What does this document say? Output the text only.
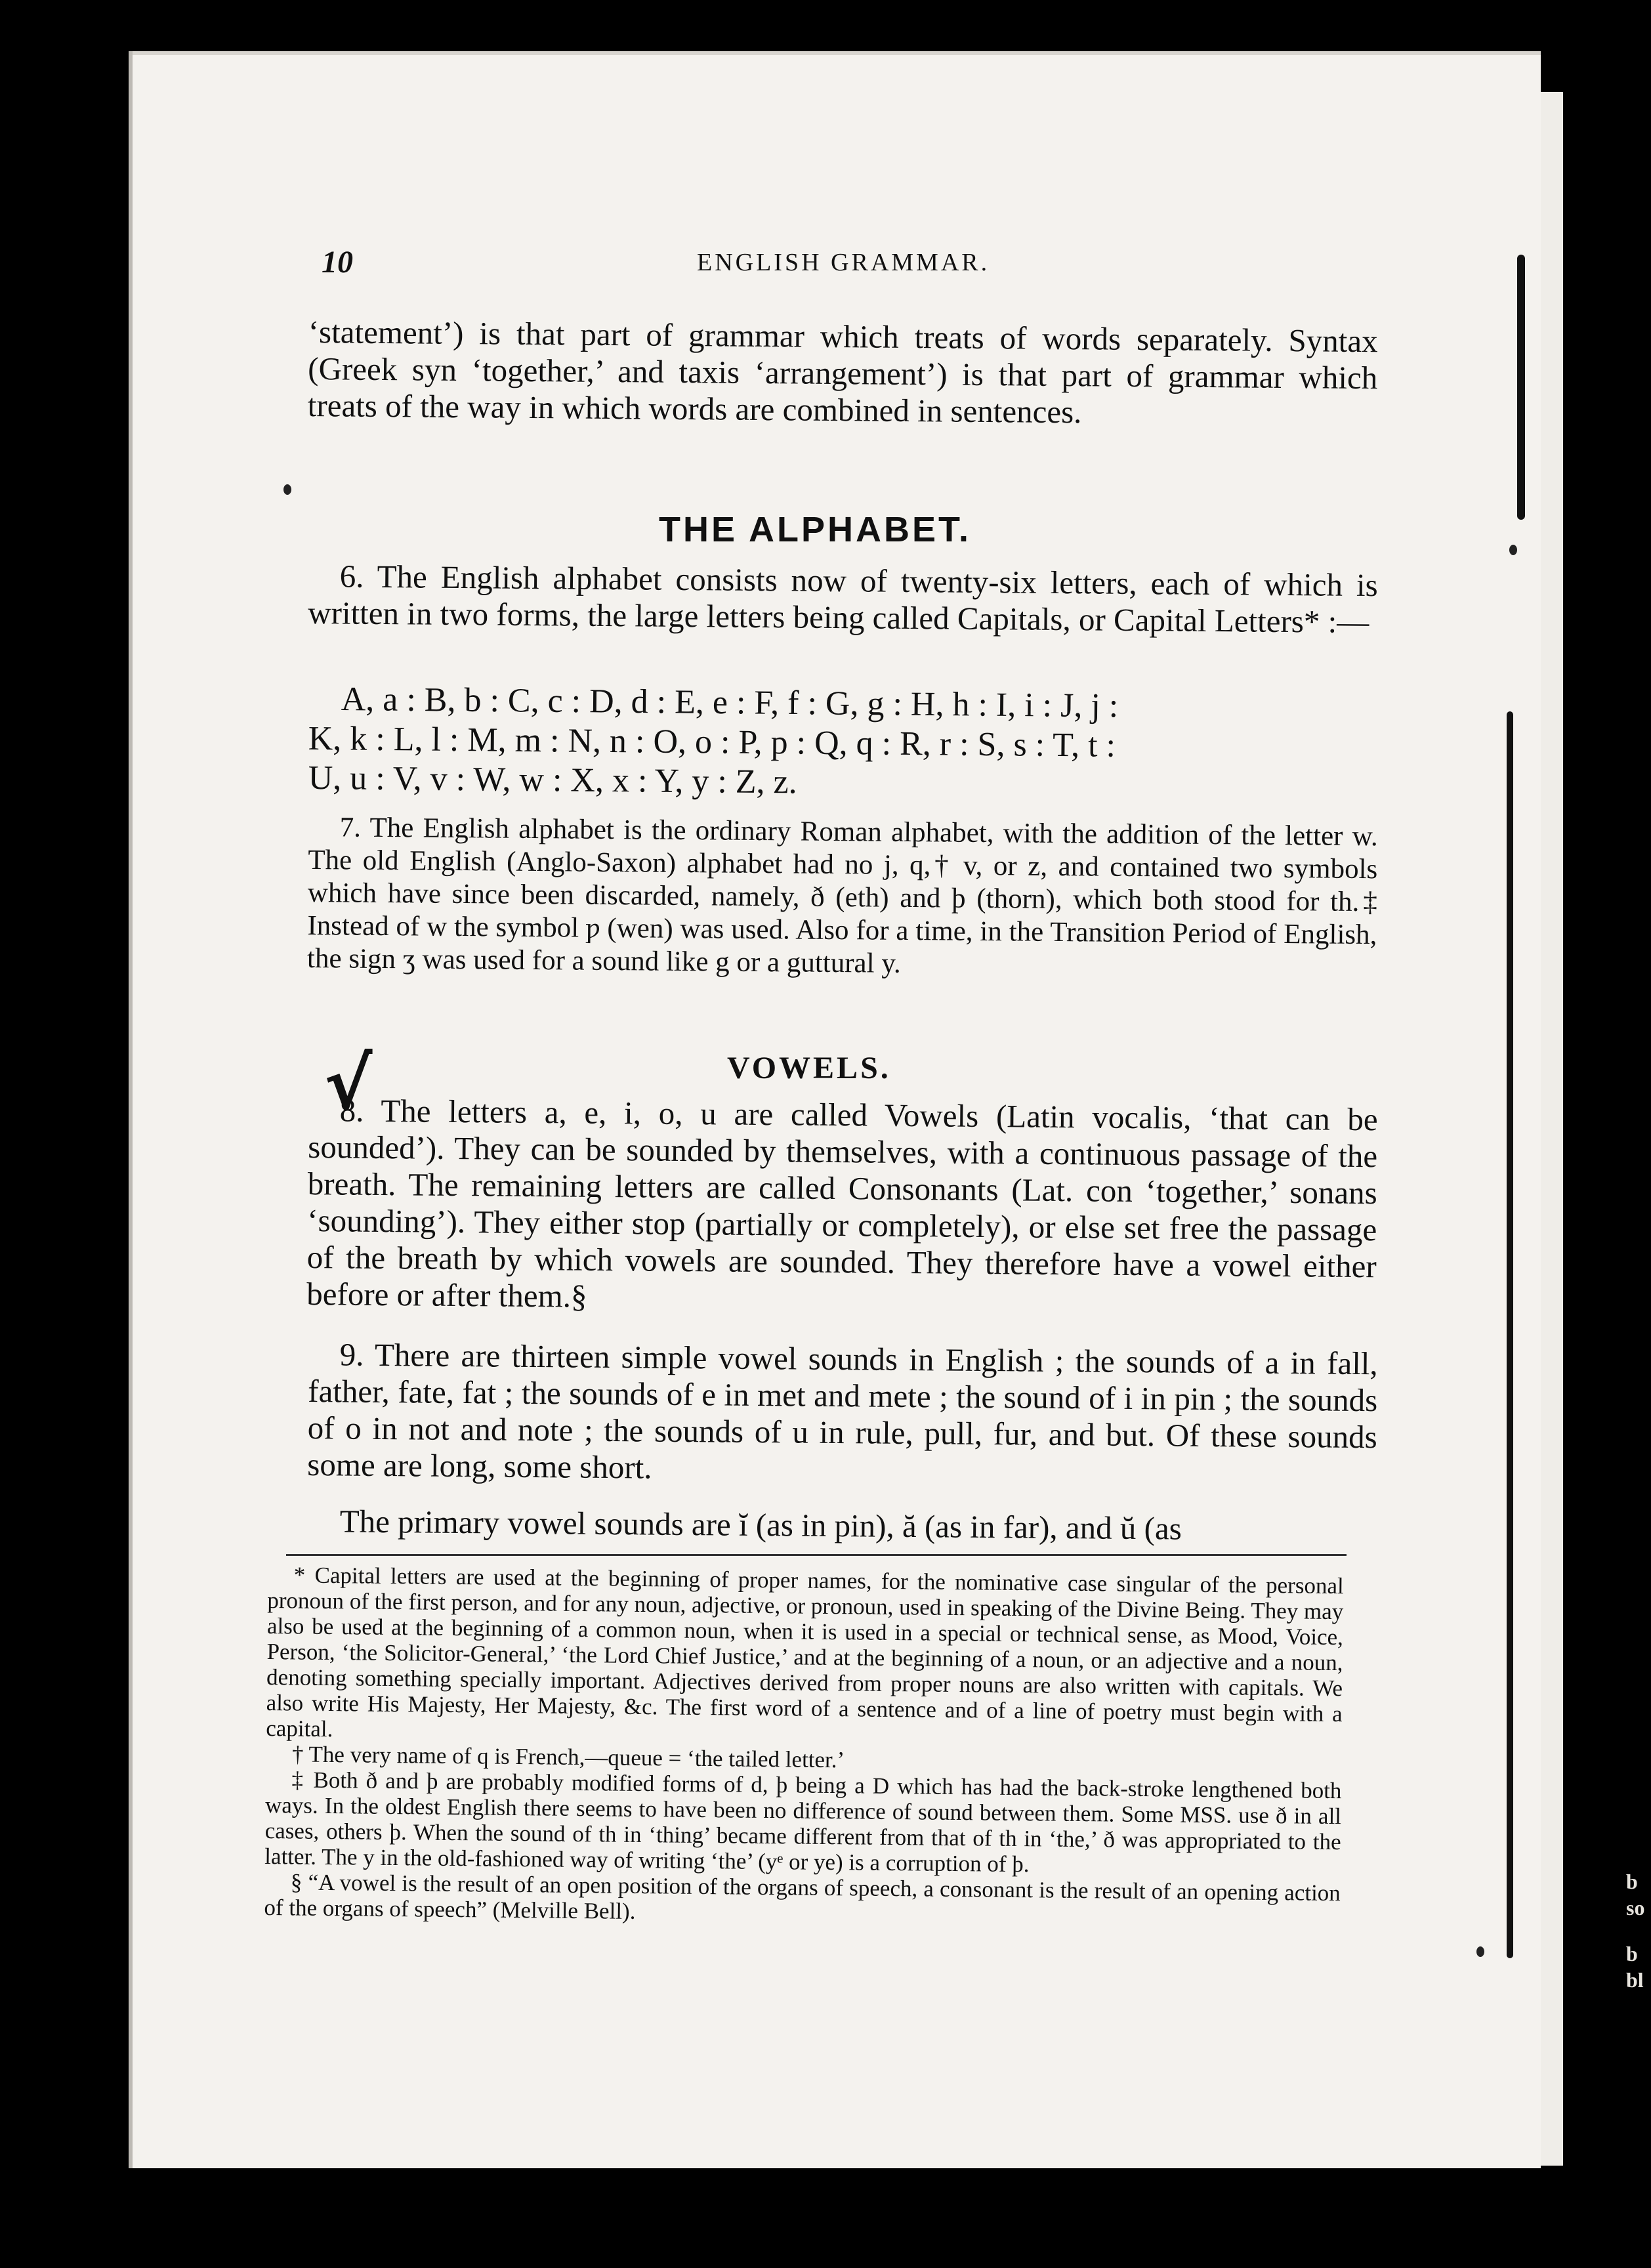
b
so
b
bl
10	ENGLISH GRAMMAR.

‘statement’) is that part of grammar which treats of words separately. Syntax (Greek syn ‘together,’ and taxis ‘arrangement’) is that part of grammar which treats of the way in which words are combined in sentences.

THE ALPHABET.

6. The English alphabet consists now of twenty-six letters, each of which is written in two forms, the large letters being called Capitals, or Capital Letters* :—

A, a : B, b : C, c : D, d : E, e : F, f : G, g : H, h : I, i : J, j :
K, k : L, l : M, m : N, n : O, o : P, p : Q, q : R, r : S, s : T, t :
U, u : V, v : W, w : X, x : Y, y : Z, z.

7. The English alphabet is the ordinary Roman alphabet, with the addition of the letter w. The old English (Anglo-Saxon) alphabet had no j, q,† v, or z, and contained two symbols which have since been discarded, namely, ð (eth) and þ (thorn), which both stood for th.‡ Instead of w the symbol ƿ (wen) was used. Also for a time, in the Transition Period of English, the sign ʒ was used for a sound like g or a guttural y.

VOWELS.
√

8. The letters a, e, i, o, u are called Vowels (Latin vocalis, ‘that can be sounded’). They can be sounded by themselves, with a continuous passage of the breath. The remaining letters are called Consonants (Lat. con ‘together,’ sonans ‘sounding’). They either stop (partially or completely), or else set free the passage of the breath by which vowels are sounded. They therefore have a vowel either before or after them.§

9. There are thirteen simple vowel sounds in English ; the sounds of a in fall, father, fate, fat ; the sounds of e in met and mete ; the sound of i in pin ; the sounds of o in not and note ; the sounds of u in rule, pull, fur, and but. Of these sounds some are long, some short.

The primary vowel sounds are ĭ (as in pin), ă (as in far), and ŭ (as

* Capital letters are used at the beginning of proper names, for the nominative case singular of the personal pronoun of the first person, and for any noun, adjective, or pronoun, used in speaking of the Divine Being. They may also be used at the beginning of a common noun, when it is used in a special or technical sense, as Mood, Voice, Person, ‘the Solicitor-General,’ ‘the Lord Chief Justice,’ and at the beginning of a noun, or an adjective and a noun, denoting something specially important. Adjectives derived from proper nouns are also written with capitals. We also write His Majesty, Her Majesty, &c. The first word of a sentence and of a line of poetry must begin with a capital.

† The very name of q is French,—queue = ‘the tailed letter.’

‡ Both ð and þ are probably modified forms of d, þ being a D which has had the back-stroke lengthened both ways. In the oldest English there seems to have been no difference of sound between them. Some MSS. use ð in all cases, others þ. When the sound of th in ‘thing’ became different from that of th in ‘the,’ ð was appropriated to the latter. The y in the old-fashioned way of writing ‘the’ (yᵉ or ye) is a corruption of þ.

§ “A vowel is the result of an open position of the organs of speech, a consonant is the result of an opening action of the organs of speech” (Melville Bell).
